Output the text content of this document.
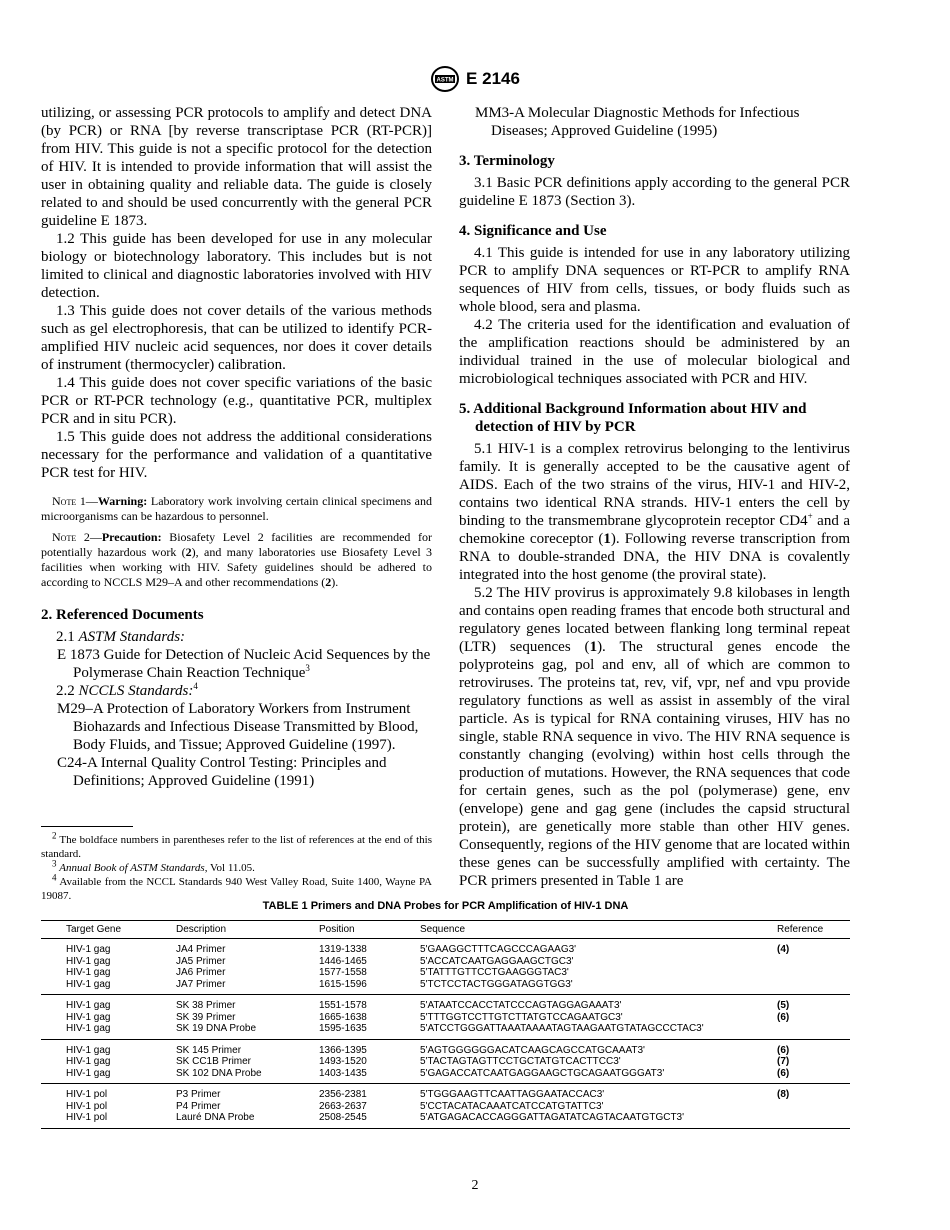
ASTM E 2146

utilizing, or assessing PCR protocols to amplify and detect DNA (by PCR) or RNA [by reverse transcriptase PCR (RT-PCR)] from HIV. This guide is not a specific protocol for the detection of HIV. It is intended to provide information that will assist the user in obtaining quality and reliable data. The guide is closely related to and should be used concurrently with the general PCR guideline E 1873.

1.2 This guide has been developed for use in any molecular biology or biotechnology laboratory. This includes but is not limited to clinical and diagnostic laboratories involved with HIV detection.

1.3 This guide does not cover details of the various methods such as gel electrophoresis, that can be utilized to identify PCR-amplified HIV nucleic acid sequences, nor does it cover details of instrument (thermocycler) calibration.

1.4 This guide does not cover specific variations of the basic PCR or RT-PCR technology (e.g., quantitative PCR, multiplex PCR and in situ PCR).

1.5 This guide does not address the additional considerations necessary for the performance and validation of a quantitative PCR test for HIV.

Note 1—Warning: Laboratory work involving certain clinical specimens and microorganisms can be hazardous to personnel.

Note 2—Precaution: Biosafety Level 2 facilities are recommended for potentially hazardous work (2), and many laboratories use Biosafety Level 3 facilities when working with HIV. Safety guidelines should be adhered to according to NCCLS M29–A and other recommendations (2).

2. Referenced Documents

2.1 ASTM Standards:

E 1873 Guide for Detection of Nucleic Acid Sequences by the Polymerase Chain Reaction Technique$^3$

2.2 NCCLS Standards:$^4$

M29–A Protection of Laboratory Workers from Instrument Biohazards and Infectious Disease Transmitted by Blood, Body Fluids, and Tissue; Approved Guideline (1997).

C24-A Internal Quality Control Testing: Principles and Definitions; Approved Guideline (1991)

$^2$ The boldface numbers in parentheses refer to the list of references at the end of this standard.

$^3$ Annual Book of ASTM Standards, Vol 11.05.

$^4$ Available from the NCCL Standards 940 West Valley Road, Suite 1400, Wayne PA 19087.

MM3-A Molecular Diagnostic Methods for Infectious Diseases; Approved Guideline (1995)

3. Terminology

3.1 Basic PCR definitions apply according to the general PCR guideline E 1873 (Section 3).

4. Significance and Use

4.1 This guide is intended for use in any laboratory utilizing PCR to amplify DNA sequences or RT-PCR to amplify RNA sequences of HIV from cells, tissues, or body fluids such as whole blood, sera and plasma.

4.2 The criteria used for the identification and evaluation of the amplification reactions should be administered by an individual trained in the use of molecular biological and microbiological techniques associated with PCR and HIV.

5. Additional Background Information about HIV and detection of HIV by PCR

5.1 HIV-1 is a complex retrovirus belonging to the lentivirus family. It is generally accepted to be the causative agent of AIDS. Each of the two strains of the virus, HIV-1 and HIV-2, contains two identical RNA strands. HIV-1 enters the cell by binding to the transmembrane glycoprotein receptor CD4+ and a chemokine coreceptor (1). Following reverse transcription from RNA to double-stranded DNA, the HIV DNA is covalently integrated into the host genome (the proviral state).

5.2 The HIV provirus is approximately 9.8 kilobases in length and contains open reading frames that encode both structural and regulatory genes located between flanking long terminal repeat (LTR) sequences (1). The structural genes encode the polyproteins gag, pol and env, all of which are common to retroviruses. The proteins tat, rev, vif, vpr, nef and vpu provide regulatory functions as well as assist in assembly of the viral particle. As is typical for RNA containing viruses, HIV has no single, stable RNA sequence in vivo. The HIV RNA sequence is constantly changing (evolving) within host cells through the production of mutations. However, the RNA sequences that code for certain genes, such as the pol (polymerase) gene, env (envelope) gene and gag gene (includes the capsid structural protein), are genetically more stable than other HIV genes. Consequently, regions of the HIV genome that are located within these genes can be successfully amplified with certainty. The PCR primers presented in Table 1 are

TABLE 1 Primers and DNA Probes for PCR Amplification of HIV-1 DNA
Target Gene	Description	Position	Sequence	Reference
HIV-1 gag	JA4 Primer	1319-1338	5'GAAGGCTTTCAGCCCAGAAG3'	(4)
HIV-1 gag	JA5 Primer	1446-1465	5'ACCATCAATGAGGAAGCTGC3'	
HIV-1 gag	JA6 Primer	1577-1558	5'TATTTGTTCCTGAAGGGTAC3'	
HIV-1 gag	JA7 Primer	1615-1596	5'TCTCCTACTGGGATAGGTGG3'	
HIV-1 gag	SK 38 Primer	1551-1578	5'ATAATCCACCTATCCCAGTAGGAGAAAT3'	(5)
HIV-1 gag	SK 39 Primer	1665-1638	5'TTTGGTCCTTGTCTTATGTCCAGAATGC3'	(6)
HIV-1 gag	SK 19 DNA Probe	1595-1635	5'ATCCTGGGATTAAATAAAATAGTAAGAATGTATAGCCCTAC3'	
HIV-1 gag	SK 145 Primer	1366-1395	5'AGTGGGGGGACATCAAGCAGCCATGCAAAT3'	(6)
HIV-1 gag	SK CC1B Primer	1493-1520	5'TACTAGTAGTTCCTGCTATGTCACTTCC3'	(7)
HIV-1 gag	SK 102 DNA Probe	1403-1435	5'GAGACCATCAATGAGGAAGCTGCAGAATGGGAT3'	(6)
HIV-1 pol	P3 Primer	2356-2381	5'TGGGAAGTTCAATTAGGAATACCAC3'	(8)
HIV-1 pol	P4 Primer	2663-2637	5'CCTACATACAAATCATCCATGTATTC3'	
HIV-1 pol	Lauré DNA Probe	2508-2545	5'ATGAGACACCAGGGATTAGATATCAGTACAATGTGCT3'	
2
